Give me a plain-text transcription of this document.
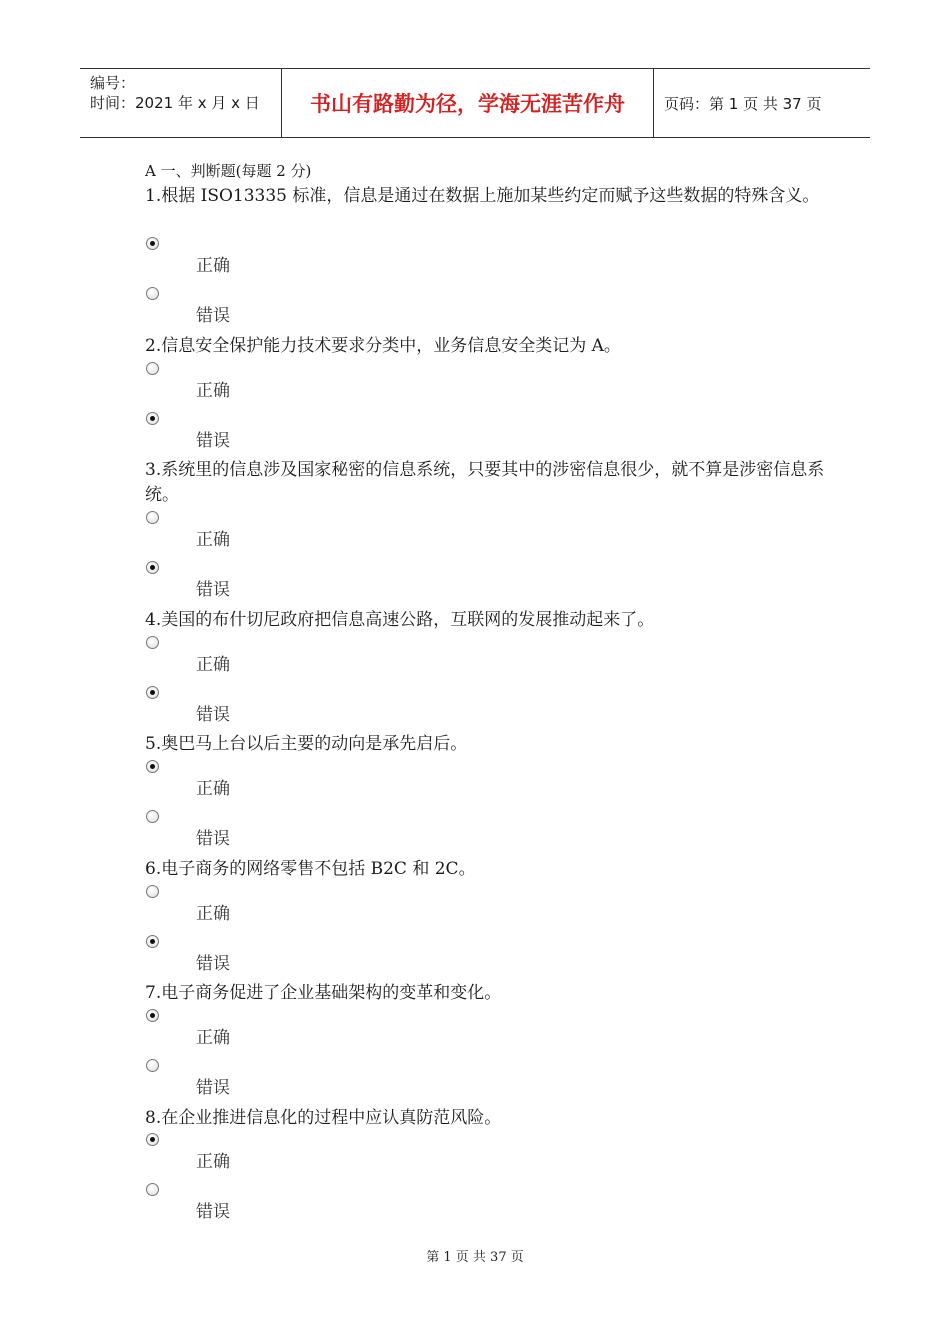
编号：
时间：2021 年 x 月 x 日	书山有路勤为径，学海无涯苦作舟	页码：第 1 页 共 37 页
A 一、判断题(每题 2 分)
1.根据 ISO13335 标准，信息是通过在数据上施加某些约定而赋予这些数据的特殊含义。
正确
错误
2.信息安全保护能力技术要求分类中，业务信息安全类记为 A。
正确
错误
3.系统里的信息涉及国家秘密的信息系统，只要其中的涉密信息很少，就不算是涉密信息系统。
正确
错误
4.美国的布什切尼政府把信息高速公路，互联网的发展推动起来了。
正确
错误
5.奥巴马上台以后主要的动向是承先启后。
正确
错误
6.电子商务的网络零售不包括 B2C 和 2C。
正确
错误
7.电子商务促进了企业基础架构的变革和变化。
正确
错误
8.在企业推进信息化的过程中应认真防范风险。
正确
错误
第 1 页 共 37 页
